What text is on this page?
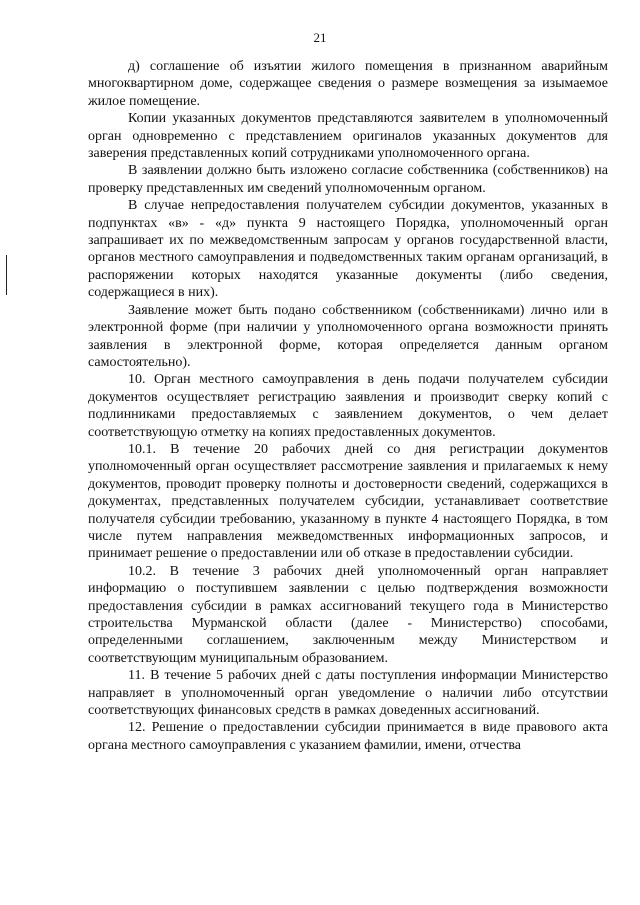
21

д) соглашение об изъятии жилого помещения в признанном аварийным многоквартирном доме, содержащее сведения о размере возмещения за изымаемое жилое помещение.

Копии указанных документов представляются заявителем в уполномоченный орган одновременно с представлением оригиналов указанных документов для заверения представленных копий сотрудниками уполномоченного органа.

В заявлении должно быть изложено согласие собственника (собственников) на проверку представленных им сведений уполномоченным органом.

В случае непредоставления получателем субсидии документов, указанных в подпунктах «в» - «д» пункта 9 настоящего Порядка, уполномоченный орган запрашивает их по межведомственным запросам у органов государственной власти, органов местного самоуправления и подведомственных таким органам организаций, в распоряжении которых находятся указанные документы (либо сведения, содержащиеся в них).

Заявление может быть подано собственником (собственниками) лично или в электронной форме (при наличии у уполномоченного органа возможности принять заявления в электронной форме, которая определяется данным органом самостоятельно).

10. Орган местного самоуправления в день подачи получателем субсидии документов осуществляет регистрацию заявления и производит сверку копий с подлинниками предоставляемых с заявлением документов, о чем делает соответствующую отметку на копиях предоставленных документов.

10.1. В течение 20 рабочих дней со дня регистрации документов уполномоченный орган осуществляет рассмотрение заявления и прилагаемых к нему документов, проводит проверку полноты и достоверности сведений, содержащихся в документах, представленных получателем субсидии, устанавливает соответствие получателя субсидии требованию, указанному в пункте 4 настоящего Порядка, в том числе путем направления межведомственных информационных запросов, и принимает решение о предоставлении или об отказе в предоставлении субсидии.

10.2. В течение 3 рабочих дней уполномоченный орган направляет информацию о поступившем заявлении с целью подтверждения возможности предоставления субсидии в рамках ассигнований текущего года в Министерство строительства Мурманской области (далее - Министерство) способами, определенными соглашением, заключенным между Министерством и соответствующим муниципальным образованием.

11. В течение 5 рабочих дней с даты поступления информации Министерство направляет в уполномоченный орган уведомление о наличии либо отсутствии соответствующих финансовых средств в рамках доведенных ассигнований.

12. Решение о предоставлении субсидии принимается в виде правового акта органа местного самоуправления с указанием фамилии, имени, отчества
